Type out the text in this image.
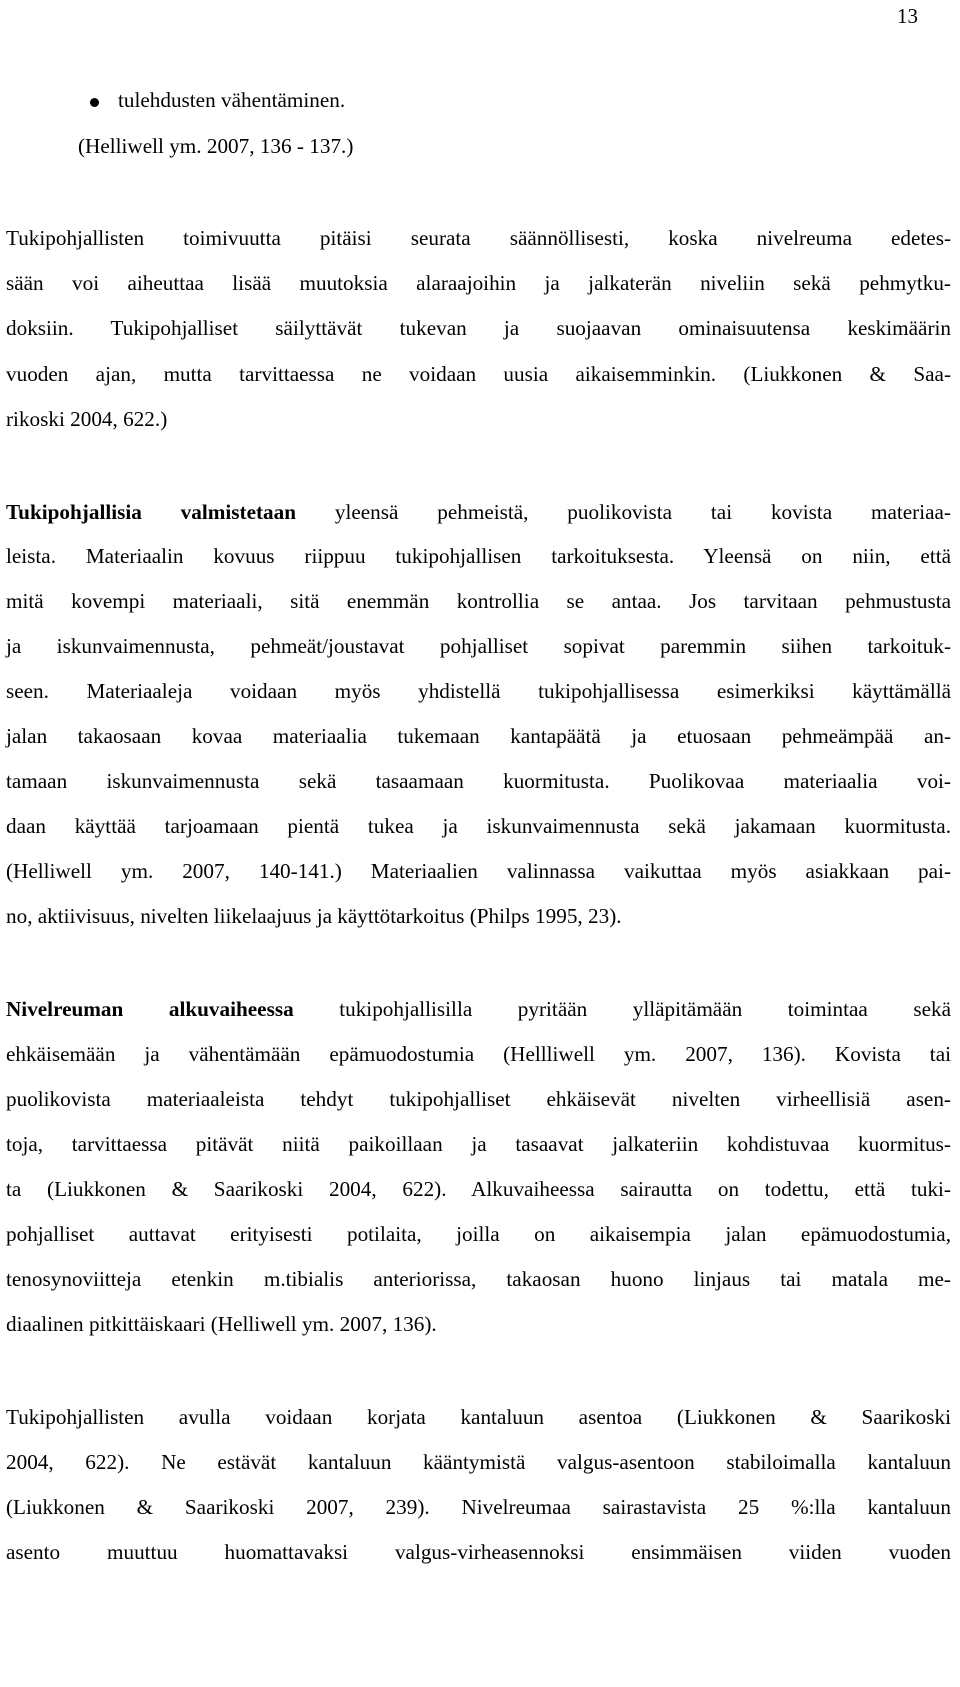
13
tulehdusten vähentäminen.
(Helliwell ym. 2007, 136 - 137.)
Tukipohjallisten toimivuutta pitäisi seurata säännöllisesti, koska nivelreuma edetes-
sään voi aiheuttaa lisää muutoksia alaraajoihin ja jalkaterän niveliin sekä pehmytku-
doksiin. Tukipohjalliset säilyttävät tukevan ja suojaavan ominaisuutensa keskimäärin
vuoden ajan, mutta tarvittaessa ne voidaan uusia aikaisemminkin. (Liukkonen & Saa-
rikoski 2004, 622.)
Tukipohjallisia valmistetaan yleensä pehmeistä, puolikovista tai kovista materiaa-
leista. Materiaalin kovuus riippuu tukipohjallisen tarkoituksesta. Yleensä on niin, että
mitä kovempi materiaali, sitä enemmän kontrollia se antaa. Jos tarvitaan pehmustusta
ja iskunvaimennusta, pehmeät/joustavat pohjalliset sopivat paremmin siihen tarkoituk-
seen. Materiaaleja voidaan myös yhdistellä tukipohjallisessa esimerkiksi käyttämällä
jalan takaosaan kovaa materiaalia tukemaan kantapäätä ja etuosaan pehmeämpää an-
tamaan iskunvaimennusta sekä tasaamaan kuormitusta. Puolikovaa materiaalia voi-
daan käyttää tarjoamaan pientä tukea ja iskunvaimennusta sekä jakamaan kuormitusta.
(Helliwell ym. 2007, 140-141.) Materiaalien valinnassa vaikuttaa myös asiakkaan pai-
no, aktiivisuus, nivelten liikelaajuus ja käyttötarkoitus (Philps 1995, 23).
Nivelreuman alkuvaiheessa tukipohjallisilla pyritään ylläpitämään toimintaa sekä
ehkäisemään ja vähentämään epämuodostumia (Hellliwell ym. 2007, 136). Kovista tai
puolikovista materiaaleista tehdyt tukipohjalliset ehkäisevät nivelten virheellisiä asen-
toja, tarvittaessa pitävät niitä paikoillaan ja tasaavat jalkateriin kohdistuvaa kuormitus-
ta (Liukkonen & Saarikoski 2004, 622). Alkuvaiheessa sairautta on todettu, että tuki-
pohjalliset auttavat erityisesti potilaita, joilla on aikaisempia jalan epämuodostumia,
tenosynoviitteja etenkin m.tibialis anteriorissa, takaosan huono linjaus tai matala me-
diaalinen pitkittäiskaari (Helliwell ym. 2007, 136).
Tukipohjallisten avulla voidaan korjata kantaluun asentoa (Liukkonen & Saarikoski
2004, 622). Ne estävät kantaluun kääntymistä valgus-asentoon stabiloimalla kantaluun
(Liukkonen & Saarikoski 2007, 239). Nivelreumaa sairastavista 25 %:lla kantaluun
asento muuttuu huomattavaksi valgus-virheasennoksi ensimmäisen viiden vuoden
